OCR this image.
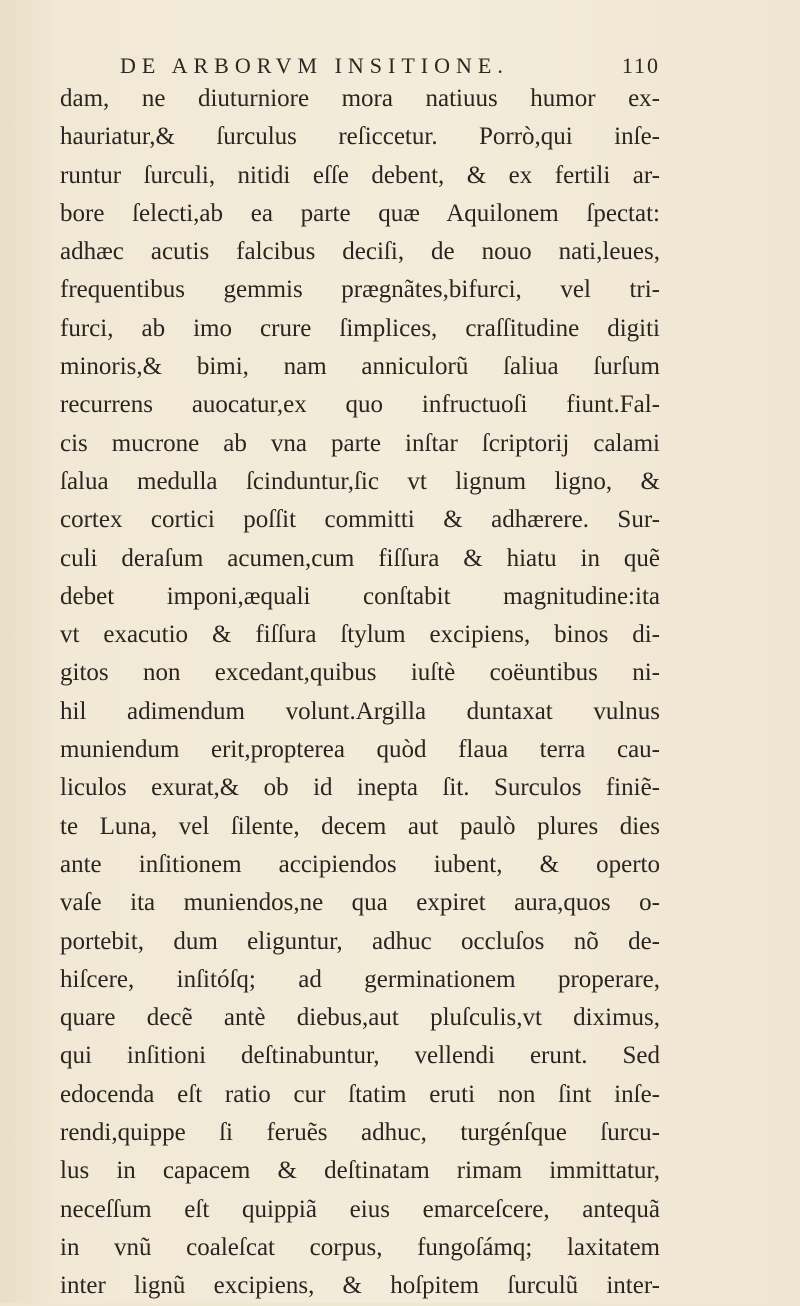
DE ARBORVM INSITIONE.	110
dam, ne diuturniore mora natiuus humor ex-
hauriatur,& ſurculus reſiccetur. Porrò,qui inſe-
runtur ſurculi, nitidi eſſe debent, & ex fertili ar-
bore ſelecti,ab ea parte quæ Aquilonem ſpectat:
adhæc acutis falcibus deciſi, de nouo nati,leues,
frequentibus gemmis prægnãtes,bifurci, vel tri-
furci, ab imo crure ſimplices, craſſitudine digiti
minoris,& bimi, nam anniculorũ ſaliua ſurſum
recurrens auocatur,ex quo infructuoſi fiunt.Fal-
cis mucrone ab vna parte inſtar ſcriptorij calami
ſalua medulla ſcinduntur,ſic vt lignum ligno, &
cortex cortici poſſit committi & adhærere. Sur-
culi deraſum acumen,cum fiſſura & hiatu in quẽ
debet imponi,æquali conſtabit magnitudine:ita
vt exacutio & fiſſura ſtylum excipiens, binos di-
gitos non excedant,quibus iuſtè coëuntibus ni-
hil adimendum volunt.Argilla duntaxat vulnus
muniendum erit,propterea quòd flaua terra cau-
liculos exurat,& ob id inepta ſit. Surculos finiẽ-
te Luna, vel ſilente, decem aut paulò plures dies
ante inſitionem accipiendos iubent, & operto
vaſe ita muniendos,ne qua expiret aura,quos o-
portebit, dum eliguntur, adhuc occluſos nõ de-
hiſcere, inſitóſq; ad germinationem properare,
quare decẽ antè diebus,aut pluſculis,vt diximus,
qui inſitioni deſtinabuntur, vellendi erunt. Sed
edocenda eſt ratio cur ſtatim eruti non ſint inſe-
rendi,quippe ſi feruẽs adhuc, turgénſque ſurcu-
lus in capacem & deſtinatam rimam immittatur,
neceſſum eſt quippiã eius emarceſcere, antequã
in vnũ coaleſcat corpus, fungoſámq; laxitatem
inter lignũ excipiens, & hoſpitem ſurculũ inter-
